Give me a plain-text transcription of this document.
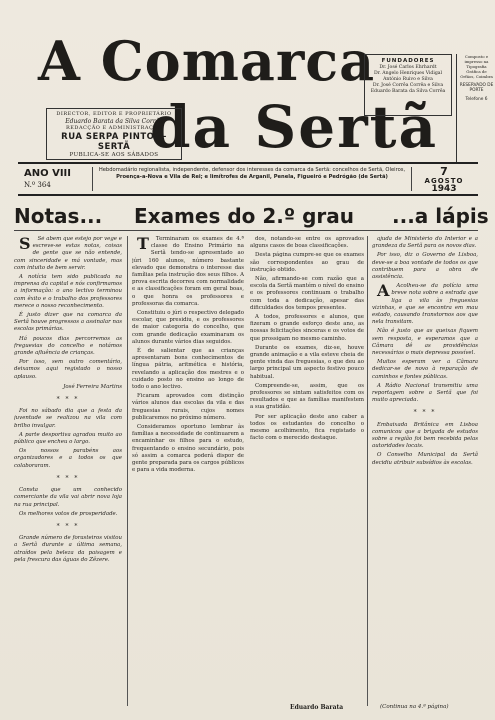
A Comarca
da Sertã
DIRECTOR, EDITOR E PROPRIETÁRIO
Eduardo Barata da Silva Corrêa
REDACÇÃO E ADMINISTRAÇÃO
RUA SERPA PINTO — SERTÃ
PUBLICA-SE AOS SÁBADOS
FUNDADORES
Dr. José Carlos Ehrhardt
Dr. Angelo Henriques Vidigal
António Ruivo e Silva
Dr. José Corrêa Corrêa e Silva
Eduardo Barata da Silva Corrêa
Composto e impresso na Tipografia Gráfica de Orfãos, Coimbra
RESERVADO DE PORTE
Telefone 6
ANO VIII
N.º 364
Hebdomadário regionalista, independente, defensor dos interesses da comarca da Sertã: concelhos de Sertã, Oleiros, Proença-a-Nova e Vila de Rei; e limítrofes de Arganil, Penela, Figueiró e Pedrógão (de Sertã)	7
AGOSTO
1943
Notas... Exames do 2.º grau ...a lápis

S Sé abem que estejo por vege e escreve-se estas notas, coisas de gente que se não entende, com sinceridade e má vontade, mas com intuito de bem servir.

A notícia tem sido publicada na imprensa da capital e nós confirmamos a informação: o ano lectivo terminou com êxito e o trabalho dos professores merece o nosso reconhecimento.

É justo dizer que na comarca da Sertã houve progressos a assinalar nas escolas primárias.

Há poucos dias percorremos as freguesias do concelho e notámos grande afluência de crianças.

Por isso, sem outro comentário, deixamos aqui registado o nosso aplauso.

José Ferreira Martins
* * *

Foi no sábado dia que a festa da juventude se realizou na vila com brilho invulgar.

A parte desportiva agradou muito ao público que encheu o largo.

Os nossos parabéns aos organizadores e a todos os que colaboraram.

* * *

Consta que um conhecido comerciante da vila vai abrir nova loja na rua principal.

Os melhores votos de prosperidade.

* * *

Grande número de forasteiros visitou a Sertã durante a última semana, atraídos pela beleza da paisagem e pela frescura das águas do Zêzere.

T Terminaram os exames de 4.ª classe do Ensino Primário na Sertã tendo-se apresentado ao júri 160 alunos, número bastante elevado que demonstra o interesse das famílias pela instrução dos seus filhos. A prova escrita decorreu com normalidade e as classificações foram em geral boas, o que honra os professores e professoras da comarca.

Constituiu o júri o respectivo delegado escolar, que presidiu, e os professores de maior categoria do concelho, que com grande dedicação examinaram os alunos durante vários dias seguidos.

É de salientar que as crianças apresentaram bons conhecimentos de língua pátria, aritmética e história, revelando a aplicação dos mestres e o cuidado posto no ensino ao longo de todo o ano lectivo.

Ficaram aprovados com distinção vários alunos das escolas da vila e das freguesias rurais, cujos nomes publicaremos no próximo número.

Consideramos oportuno lembrar às famílias a necessidade de continuarem a encaminhar os filhos para o estudo, frequentando o ensino secundário, pois só assim a comarca poderá dispor de gente preparada para os cargos públicos e para a vida moderna.

dos, notando-se entre os aprovados alguns casos de boas classificações.

Desta página cumpre-se que os exames são correspondentes ao grau de instrução obtido.

Não, afirmando-se com razão que a escola da Sertã mantém o nível do ensino e os professores continuam o trabalho com toda a dedicação, apesar das dificuldades dos tempos presentes.

A todos, professores e alunos, que fizeram o grande esforço deste ano, as nossas felicitações sinceras e os votos de que prossigam no mesmo caminho.

Durante os exames, diz-se, houve grande animação e a vila esteve cheia de gente vinda das freguesias, o que deu ao largo principal um aspecto festivo pouco habitual.

Compreende-se, assim, que os professores se sintam satisfeitos com os resultados e que as famílias manifestem a sua gratidão.

Por ser aplicação deste ano caber a todos os estudantes do concelho o mesmo acolhimento, fica registado o facto com o merecido destaque.

Eduardo Barata

ajuda de Ministério do Interior e a grandeza da Sertã para os novos dias.

Por isso, diz o Governo de Lisboa, deve-se a boa vontade de todos os que contribuem para a obra de assistência.

A Acolheu-se da polícia uma breve nota sobre a estrada que liga a vila às freguesias vizinhas, e que se encontra em mau estado, causando transtornos aos que nela transitam.

Não é justo que as queixas fiquem sem resposta, e esperamos que a Câmara dê as providências necessárias o mais depressa possível.

Muitos esperam ver a Câmara dedicar-se de novo à reparação de caminhos e fontes públicas.

A Rádio Nacional transmitiu uma reportagem sobre a Sertã que foi muito apreciada.

* * *

Embaixada Britânica em Lisboa comunicou que a brigada de estudos sobre a região foi bem recebida pelas autoridades locais.

O Conselho Municipal da Sertã decidiu atribuir subsídios às escolas.

(Continua na 4.ª página)
